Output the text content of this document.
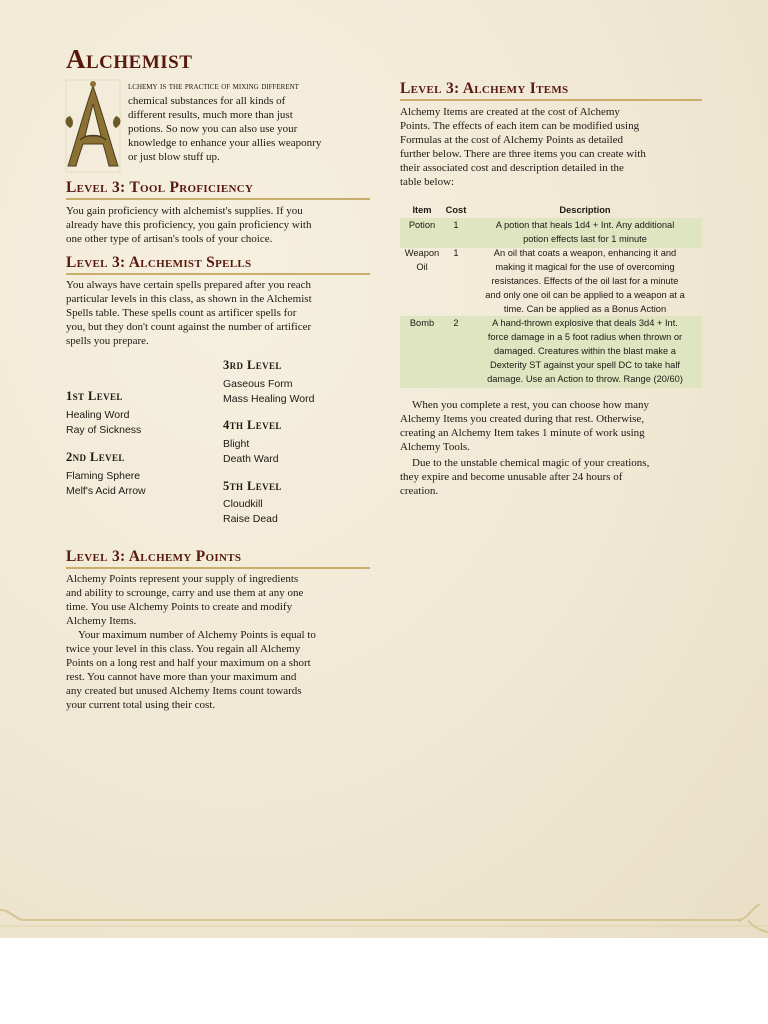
Alchemist
A
lchemy is the practice of mixing different
chemical substances for all kinds of
different results, much more than just
potions. So now you can also use your
knowledge to enhance your allies weaponry
or just blow stuff up.
Level 3: Tool Proficiency
You gain proficiency with alchemist's supplies. If you
already have this proficiency, you gain proficiency with
one other type of artisan's tools of your choice.
Level 3: Alchemist Spells
You always have certain spells prepared after you reach
particular levels in this class, as shown in the Alchemist
Spells table. These spells count as artificer spells for
you, but they don't count against the number of artificer
spells you prepare.
1st Level
Healing Word
Ray of Sickness
2nd Level
Flaming Sphere
Melf's Acid Arrow
3rd Level
Gaseous Form
Mass Healing Word
4th Level
Blight
Death Ward
5th Level
Cloudkill
Raise Dead
Level 3: Alchemy Points
Alchemy Points represent your supply of ingredients
and ability to scrounge, carry and use them at any one
time. You use Alchemy Points to create and modify
Alchemy Items.
Your maximum number of Alchemy Points is equal to
twice your level in this class. You regain all Alchemy
Points on a long rest and half your maximum on a short
rest. You cannot have more than your maximum and
any created but unused Alchemy Items count towards
your current total using their cost.
Level 3: Alchemy Items
Alchemy Items are created at the cost of Alchemy
Points. The effects of each item can be modified using
Formulas at the cost of Alchemy Points as detailed
further below. There are three items you can create with
their associated cost and description detailed in the
table below:
Item	Cost	Description
Potion	1	A potion that heals 1d4 + Int. Any additional
potion effects last for 1 minute
Weapon
Oil
1	An oil that coats a weapon, enhancing it and
making it magical for the use of overcoming
resistances. Effects of the oil last for a minute
and only one oil can be applied to a weapon at a
time. Can be applied as a Bonus Action
Bomb	2	A hand-thrown explosive that deals 3d4 + Int.
force damage in a 5 foot radius when thrown or
damaged. Creatures within the blast make a
Dexterity ST against your spell DC to take half
damage. Use an Action to throw. Range (20/60)
When you complete a rest, you can choose how many
Alchemy Items you created during that rest. Otherwise,
creating an Alchemy Item takes 1 minute of work using
Alchemy Tools.
Due to the unstable chemical magic of your creations,
they expire and become unusable after 24 hours of
creation.
